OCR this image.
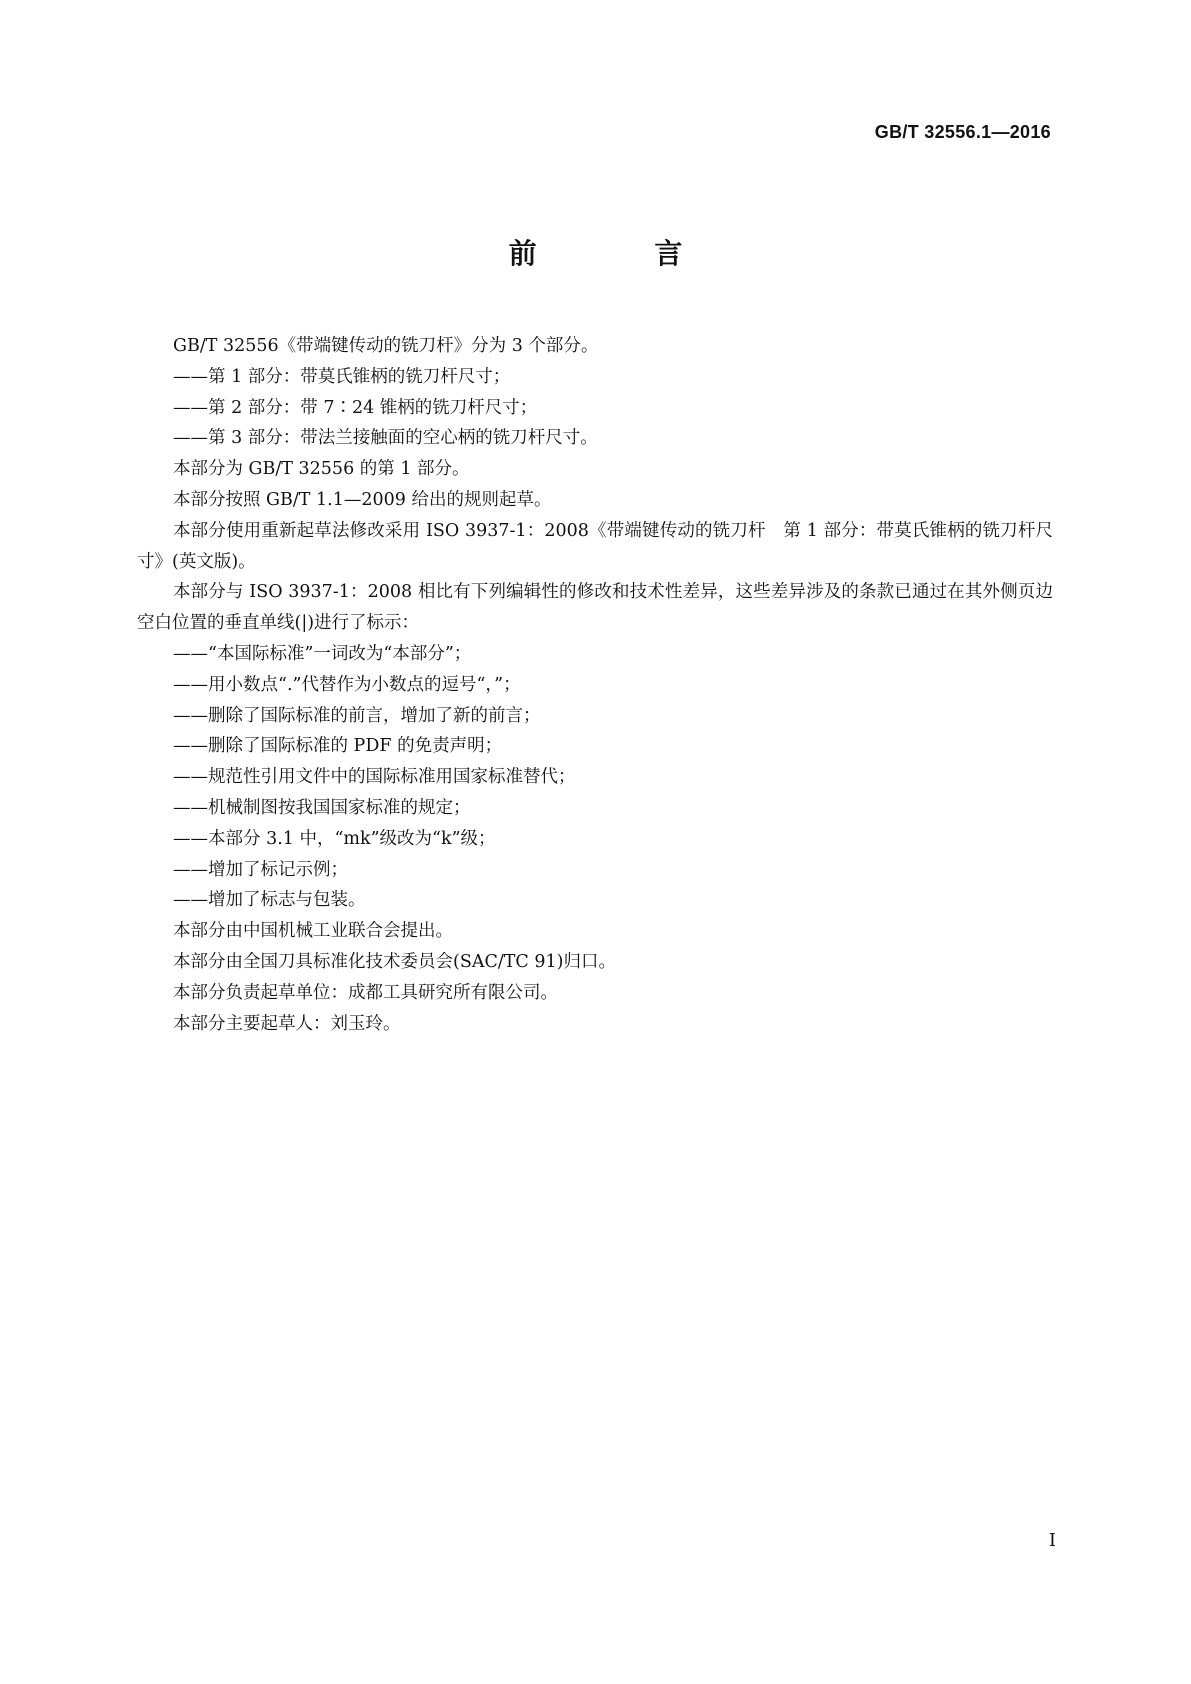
GB/T 32556.1—2016
前 言

GB/T 32556《带端键传动的铣刀杆》分为 3 个部分。

——第 1 部分：带莫氏锥柄的铣刀杆尺寸；

——第 2 部分：带 7∶24 锥柄的铣刀杆尺寸；

——第 3 部分：带法兰接触面的空心柄的铣刀杆尺寸。

本部分为 GB/T 32556 的第 1 部分。

本部分按照 GB/T 1.1—2009 给出的规则起草。

本部分使用重新起草法修改采用 ISO 3937-1：2008《带端键传动的铣刀杆　第 1 部分：带莫氏锥柄的铣刀杆尺寸》(英文版)。

本部分与 ISO 3937-1：2008 相比有下列编辑性的修改和技术性差异，这些差异涉及的条款已通过在其外侧页边空白位置的垂直单线(|)进行了标示：

——“本国际标准”一词改为“本部分”；

——用小数点“.”代替作为小数点的逗号“，”；

——删除了国际标准的前言，增加了新的前言；

——删除了国际标准的 PDF 的免责声明；

——规范性引用文件中的国际标准用国家标准替代；

——机械制图按我国国家标准的规定；

——本部分 3.1 中，“mk”级改为“k”级；

——增加了标记示例；

——增加了标志与包装。

本部分由中国机械工业联合会提出。

本部分由全国刀具标准化技术委员会(SAC/TC 91)归口。

本部分负责起草单位：成都工具研究所有限公司。

本部分主要起草人：刘玉玲。

I
